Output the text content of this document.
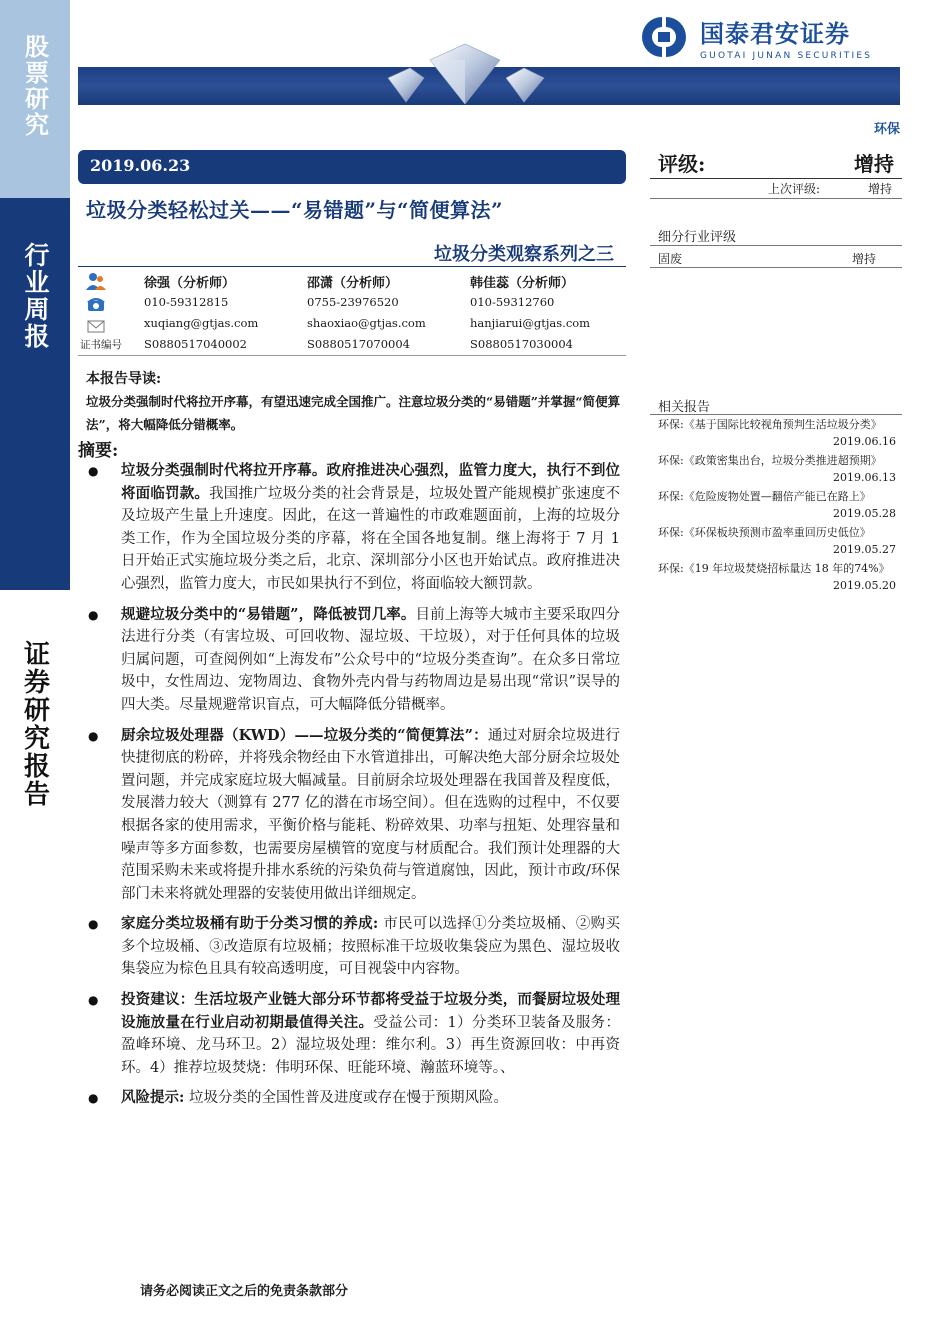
股票研究
行业周报
证券研究报告
国泰君安证券
GUOTAI JUNAN SECURITIES
环保
2019.06.23
垃圾分类轻松过关——“易错题”与“简便算法”
垃圾分类观察系列之三
徐强（分析师）	邵潇（分析师）	韩佳蕊（分析师）
010-59312815	0755-23976520	010-59312760
xuqiang@gtjas.com	shaoxiao@gtjas.com	hanjiarui@gtjas.com
证书编号 S0880517040002	S0880517070004	S0880517030004
评级:	增持
上次评级:	增持
细分行业评级
固废	增持
相关报告
环保:《基于国际比较视角预判生活垃圾分类》
2019.06.16
环保:《政策密集出台，垃圾分类推进超预期》
2019.06.13
环保:《危险废物处置—翻倍产能已在路上》
2019.05.28
环保:《环保板块预测市盈率重回历史低位》
2019.05.27
环保:《19 年垃圾焚烧招标量达 18 年的74%》
2019.05.20
本报告导读:
垃圾分类强制时代将拉开序幕，有望迅速完成全国推广。注意垃圾分类的“易错题”并掌握“简便算法”，将大幅降低分错概率。
摘要:
● 垃圾分类强制时代将拉开序幕。政府推进决心强烈，监管力度大，执行不到位将面临罚款。我国推广垃圾分类的社会背景是，垃圾处置产能规模扩张速度不及垃圾产生量上升速度。因此，在这一普遍性的市政难题面前，上海的垃圾分类工作，作为全国垃圾分类的序幕，将在全国各地复制。继上海将于 7 月 1 日开始正式实施垃圾分类之后，北京、深圳部分小区也开始试点。政府推进决心强烈，监管力度大，市民如果执行不到位，将面临较大额罚款。
● 规避垃圾分类中的“易错题”，降低被罚几率。目前上海等大城市主要采取四分法进行分类（有害垃圾、可回收物、湿垃圾、干垃圾），对于任何具体的垃圾归属问题，可查阅例如“上海发布”公众号中的“垃圾分类查询”。在众多日常垃圾中，女性周边、宠物周边、食物外壳内骨与药物周边是易出现“常识”误导的四大类。尽量规避常识盲点，可大幅降低分错概率。
● 厨余垃圾处理器（KWD）——垃圾分类的“简便算法”：通过对厨余垃圾进行快捷彻底的粉碎，并将残余物经由下水管道排出，可解决绝大部分厨余垃圾处置问题，并完成家庭垃圾大幅减量。目前厨余垃圾处理器在我国普及程度低，发展潜力较大（测算有 277 亿的潜在市场空间）。但在选购的过程中，不仅要根据各家的使用需求，平衡价格与能耗、粉碎效果、功率与扭矩、处理容量和噪声等多方面参数，也需要房屋横管的宽度与材质配合。我们预计处理器的大范围采购未来或将提升排水系统的污染负荷与管道腐蚀，因此，预计市政/环保部门未来将就处理器的安装使用做出详细规定。
● 家庭分类垃圾桶有助于分类习惯的养成: 市民可以选择①分类垃圾桶、②购买多个垃圾桶、③改造原有垃圾桶；按照标准干垃圾收集袋应为黑色、湿垃圾收集袋应为棕色且具有较高透明度，可目视袋中内容物。
● 投资建议：生活垃圾产业链大部分环节都将受益于垃圾分类，而餐厨垃圾处理设施放量在行业启动初期最值得关注。受益公司：1）分类环卫装备及服务：盈峰环境、龙马环卫。2）湿垃圾处理：维尔利。3）再生资源回收：中再资环。4）推荐垃圾焚烧：伟明环保、旺能环境、瀚蓝环境等。、
● 风险提示: 垃圾分类的全国性普及进度或存在慢于预期风险。
请务必阅读正文之后的免责条款部分
